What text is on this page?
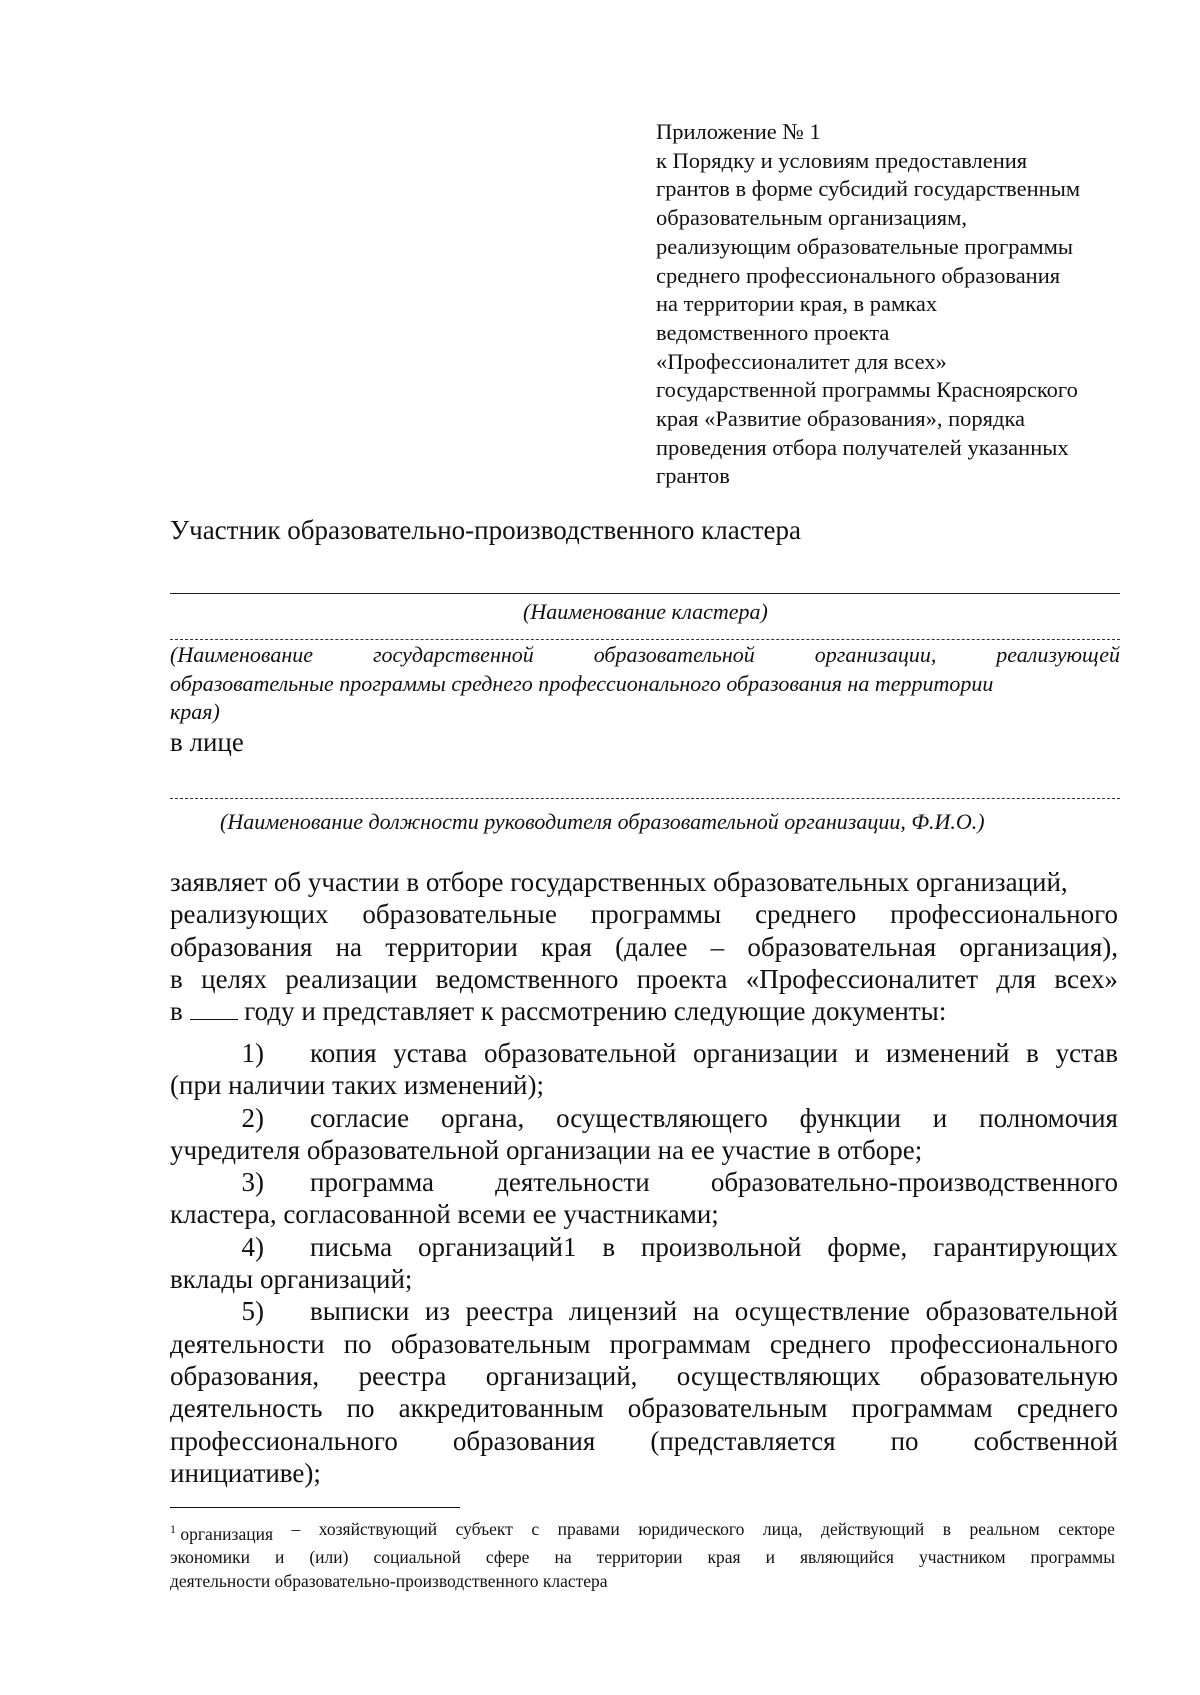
Приложение № 1
к Порядку и условиям предоставления
грантов в форме субсидий государственным
образовательным организациям,
реализующим образовательные программы
среднего профессионального образования
на территории края, в рамках
ведомственного проекта
«Профессионалитет для всех»
государственной программы Красноярского
края «Развитие образования», порядка
проведения отбора получателей указанных
грантов
Участник образовательно-производственного кластера
(Наименование кластера)
(Наименование	государственной	образовательной	организации,	реализующей
образовательные программы среднего профессионального образования на территории
края)
в лице
(Наименование должности руководителя образовательной организации, Ф.И.О.)
заявляет об участии в отборе государственных образовательных организаций,
реализующих образовательные программы среднего профессионального
образования на территории края (далее – образовательная организация),
в целях реализации ведомственного проекта «Профессионалитет для всех»
в году и представляет к рассмотрению следующие документы:
1)	копия устава образовательной организации и изменений в устав
(при наличии таких изменений);
2)	согласие органа, осуществляющего функции и полномочия
учредителя образовательной организации на ее участие в отборе;
3)	программа деятельности образовательно-производственного
кластера, согласованной всеми ее участниками;
4)	письма организаций1 в произвольной форме, гарантирующих
вклады организаций;
5)	выписки из реестра лицензий на осуществление образовательной
деятельности по образовательным программам среднего профессионального
образования, реестра организаций, осуществляющих образовательную
деятельность по аккредитованным образовательным программам среднего
профессионального образования (представляется по собственной
инициативе);
$^1$ организация – хозяйствующий субъект с правами юридического лица, действующий в реальном секторе
экономики и (или) социальной сфере на территории края и являющийся участником программы
деятельности образовательно-производственного кластера
